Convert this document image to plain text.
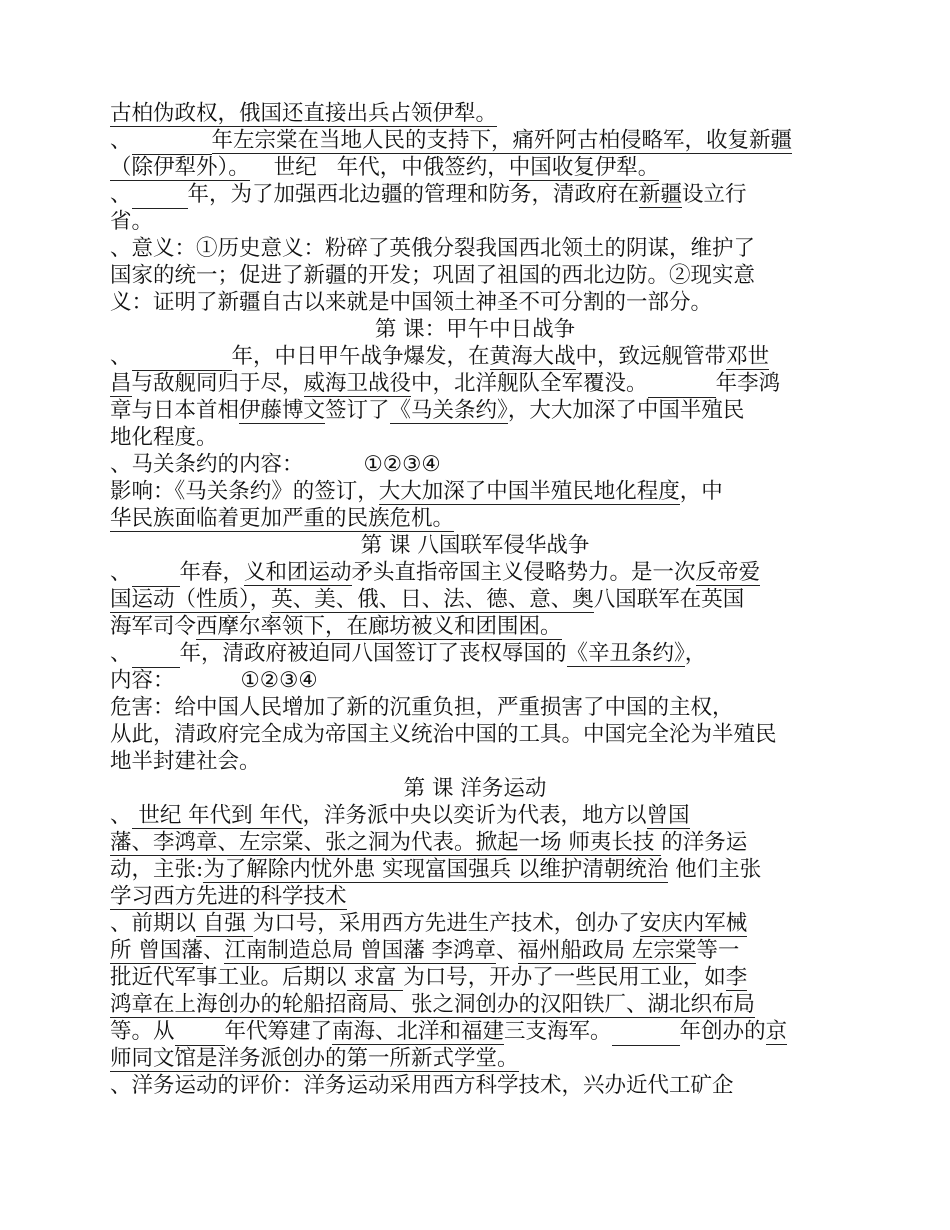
古柏伪政权，俄国还直接出兵占领伊犁。
、	年左宗棠在当地人民的支持下，痛歼阿古柏侵略军，收复新疆
（除伊犁外）。 世纪 年代，中俄签约，中国收复伊犁。
、	年，为了加强西北边疆的管理和防务，清政府在新疆设立行
省。
、意义：①历史意义：粉碎了英俄分裂我国西北领土的阴谋，维护了
国家的统一；促进了新疆的开发；巩固了祖国的西北边防。②现实意
义：证明了新疆自古以来就是中国领土神圣不可分割的一部分。
第 课：甲午中日战争
、	年，中日甲午战争爆发，在黄海大战中，致远舰管带邓世
昌与敌舰同归于尽，威海卫战役中，北洋舰队全军覆没。	年李鸿
章与日本首相伊藤博文签订了《马关条约》，大大加深了中国半殖民
地化程度。
、马关条约的内容：	①②③④
影响：《马关条约》的签订，大大加深了中国半殖民地化程度，中
华民族面临着更加严重的民族危机。
第 课 八国联军侵华战争
、 年春，义和团运动矛头直指帝国主义侵略势力。是一次反帝爱
国运动（性质），英、美、俄、日、法、德、意、奥八国联军在英国
海军司令西摩尔率领下，在廊坊被义和团围困。
、 年，清政府被迫同八国签订了丧权辱国的《辛丑条约》，
内容：	①②③④
危害：给中国人民增加了新的沉重负担，严重损害了中国的主权，
从此，清政府完全成为帝国主义统治中国的工具。中国完全沦为半殖民
地半封建社会。
第 课 洋务运动
、 世纪 年代到 年代，洋务派中央以奕䜣为代表，地方以曾国
藩、李鸿章、左宗棠、张之洞为代表。掀起一场 师夷长技 的洋务运
动，主张:为了解除内忧外患 实现富国强兵 以维护清朝统治 他们主张
学习西方先进的科学技术
、前期以 自强 为口号，采用西方先进生产技术，创办了安庆内军械
所 曾国藩、江南制造总局 曾国藩 李鸿章、福州船政局 左宗棠等一
批近代军事工业。后期以 求富 为口号，开办了一些民用工业，如李
鸿章在上海创办的轮船招商局、张之洞创办的汉阳铁厂、湖北织布局
等。从 年代筹建了南海、北洋和福建三支海军。	年创办的京
师同文馆是洋务派创办的第一所新式学堂。
、洋务运动的评价：洋务运动采用西方科学技术，兴办近代工矿企
